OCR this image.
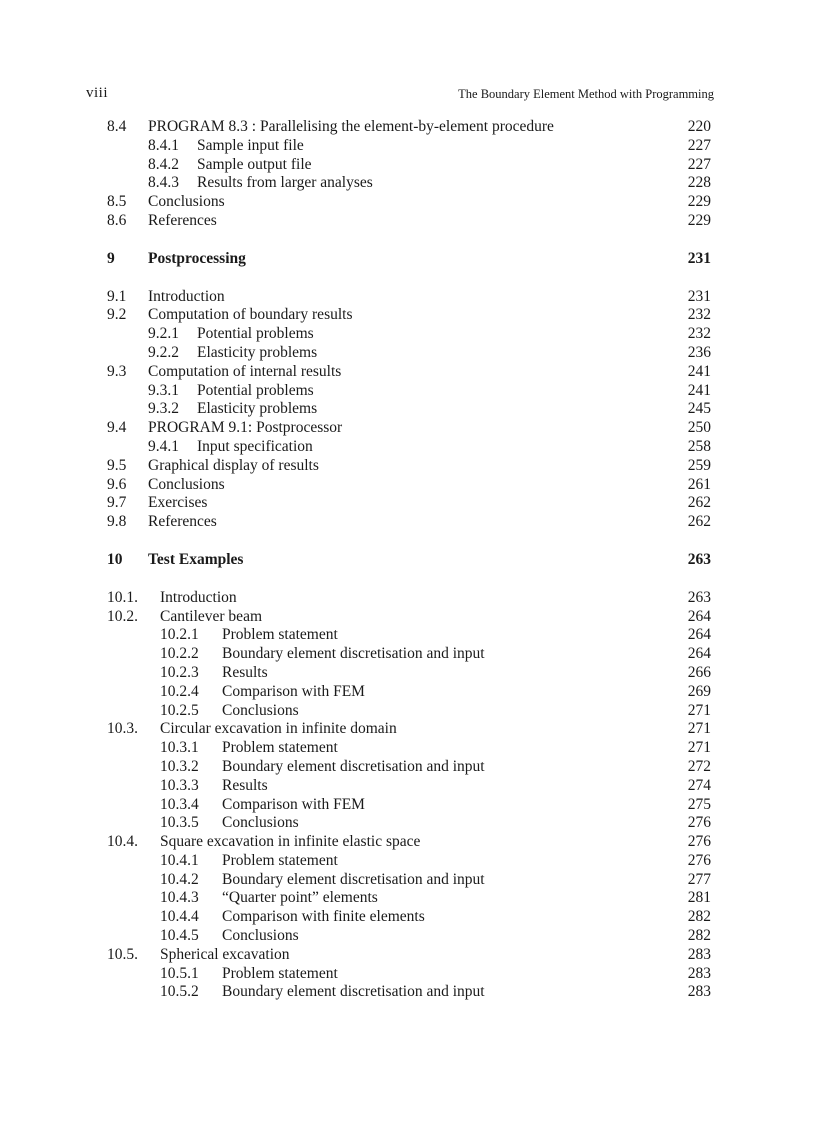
viii	The Boundary Element Method with Programming
8.4 PROGRAM 8.3 : Parallelising the element-by-element procedure	220
8.4.1 Sample input file	227
8.4.2 Sample output file	227
8.4.3 Results from larger analyses	228
8.5 Conclusions	229
8.6 References	229
9 Postprocessing	231
9.1 Introduction	231
9.2 Computation of boundary results	232
9.2.1 Potential problems	232
9.2.2 Elasticity problems	236
9.3 Computation of internal results	241
9.3.1 Potential problems	241
9.3.2 Elasticity problems	245
9.4 PROGRAM 9.1: Postprocessor	250
9.4.1 Input specification	258
9.5 Graphical display of results	259
9.6 Conclusions	261
9.7 Exercises	262
9.8 References	262
10 Test Examples	263
10.1. Introduction	263
10.2. Cantilever beam	264
10.2.1 Problem statement	264
10.2.2 Boundary element discretisation and input	264
10.2.3 Results	266
10.2.4 Comparison with FEM	269
10.2.5 Conclusions	271
10.3. Circular excavation in infinite domain	271
10.3.1 Problem statement	271
10.3.2 Boundary element discretisation and input	272
10.3.3 Results	274
10.3.4 Comparison with FEM	275
10.3.5 Conclusions	276
10.4. Square excavation in infinite elastic space	276
10.4.1 Problem statement	276
10.4.2 Boundary element discretisation and input	277
10.4.3 “Quarter point” elements	281
10.4.4 Comparison with finite elements	282
10.4.5 Conclusions	282
10.5. Spherical excavation	283
10.5.1 Problem statement	283
10.5.2 Boundary element discretisation and input	283
